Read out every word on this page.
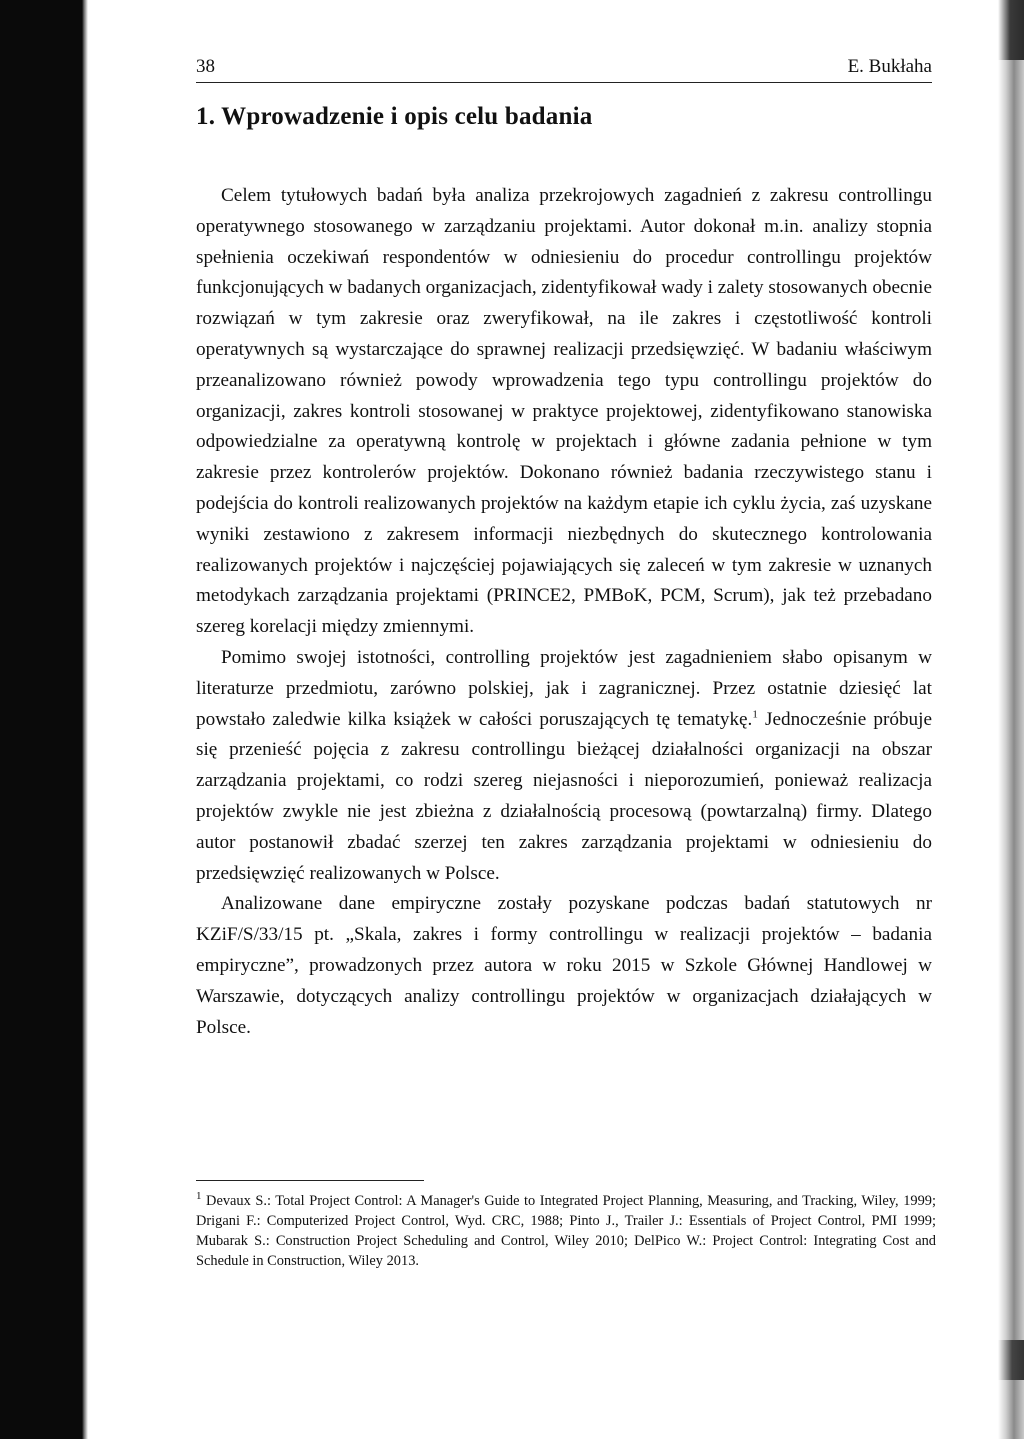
38	E. Bukłaha
1. Wprowadzenie i opis celu badania

Celem tytułowych badań była analiza przekrojowych zagadnień z zakresu controllingu operatywnego stosowanego w zarządzaniu projektami. Autor dokonał m.in. analizy stopnia spełnienia oczekiwań respondentów w odniesieniu do procedur controllingu projektów funkcjonujących w badanych organizacjach, zidentyfikował wady i zalety stosowanych obecnie rozwiązań w tym zakresie oraz zweryfikował, na ile zakres i częstotliwość kontroli operatywnych są wystarczające do sprawnej realizacji przedsięwzięć. W badaniu właściwym przeanalizowano również powody wprowadzenia tego typu controllingu projektów do organizacji, zakres kontroli stosowanej w praktyce projektowej, zidentyfikowano stanowiska odpowiedzialne za operatywną kontrolę w projektach i główne zadania pełnione w tym zakresie przez kontrolerów projektów. Dokonano również badania rzeczywistego stanu i podejścia do kontroli realizowanych projektów na każdym etapie ich cyklu życia, zaś uzyskane wyniki zestawiono z zakresem informacji niezbędnych do skutecznego kontrolowania realizowanych projektów i najczęściej pojawiających się zaleceń w tym zakresie w uznanych metodykach zarządzania projektami (PRINCE2, PMBoK, PCM, Scrum), jak też przebadano szereg korelacji między zmiennymi.

Pomimo swojej istotności, controlling projektów jest zagadnieniem słabo opisanym w literaturze przedmiotu, zarówno polskiej, jak i zagranicznej. Przez ostatnie dziesięć lat powstało zaledwie kilka książek w całości poruszających tę tematykę.$^1$ Jednocześnie próbuje się przenieść pojęcia z zakresu controllingu bieżącej działalności organizacji na obszar zarządzania projektami, co rodzi szereg niejasności i nieporozumień, ponieważ realizacja projektów zwykle nie jest zbieżna z działalnością procesową (powtarzalną) firmy. Dlatego autor postanowił zbadać szerzej ten zakres zarządzania projektami w odniesieniu do przedsięwzięć realizowanych w Polsce.

Analizowane dane empiryczne zostały pozyskane podczas badań statutowych nr KZiF/S/33/15 pt. „Skala, zakres i formy controllingu w realizacji projektów – badania empiryczne”, prowadzonych przez autora w roku 2015 w Szkole Głównej Handlowej w Warszawie, dotyczących analizy controllingu projektów w organizacjach działających w Polsce.

$^1$ Devaux S.: Total Project Control: A Manager's Guide to Integrated Project Planning, Measuring, and Tracking, Wiley, 1999; Drigani F.: Computerized Project Control, Wyd. CRC, 1988; Pinto J., Trailer J.: Essentials of Project Control, PMI 1999; Mubarak S.: Construction Project Scheduling and Control, Wiley 2010; DelPico W.: Project Control: Integrating Cost and Schedule in Construction, Wiley 2013.
